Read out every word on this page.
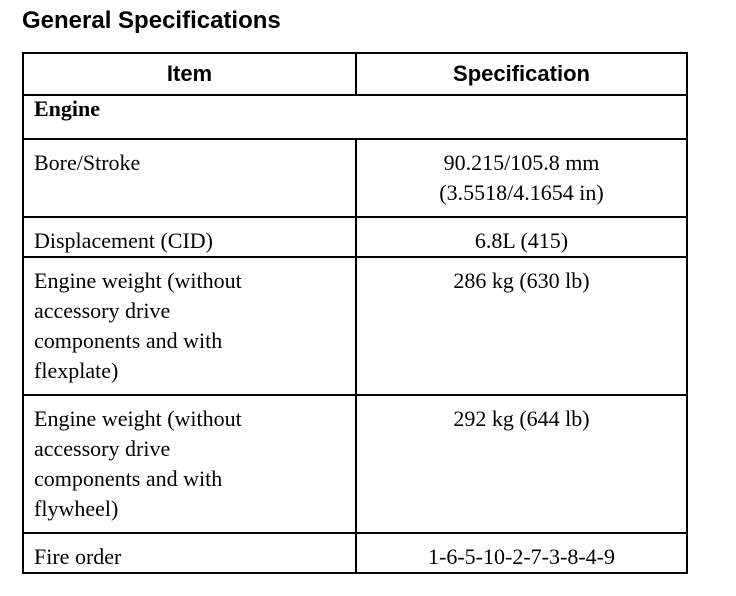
General Specifications
Item	Specification
Engine	

Bore/Stroke	90.215/105.8 mm
(3.5518/4.1654 in)

Displacement (CID)	6.8L (415)

Engine weight (without
accessory drive
components and with
flexplate)	286 kg (630 lb)

Engine weight (without
accessory drive
components and with
flywheel)	292 kg (644 lb)

Fire order	1-6-5-10-2-7-3-8-4-9
